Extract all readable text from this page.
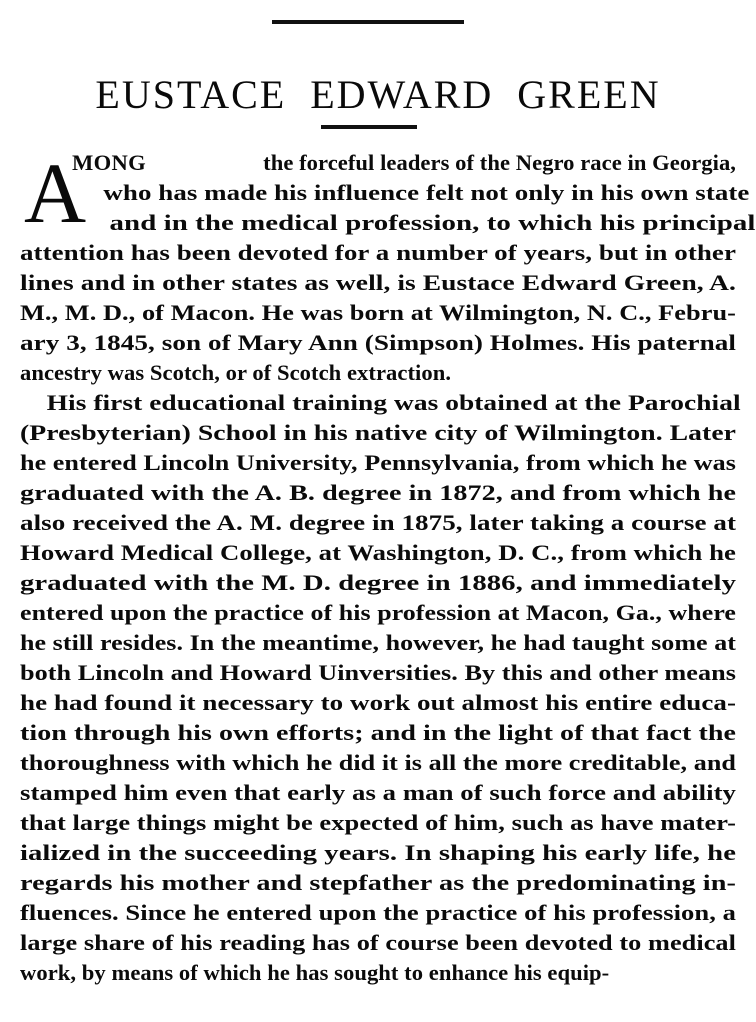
EUSTACE EDWARD GREEN
A

MONG	the forceful leaders of the Negro race in Georgia,
who has made his influence felt not only in his own state and in the medical profession, to which his principal attention has been devoted for a number of years, but in other lines and in other states as well, is Eustace Edward Green, A. M., M. D., of Macon. He was born at Wilmington, N. C., Febru- ary 3, 1845, son of Mary Ann (Simpson) Holmes. His paternal
ancestry was Scotch, or of Scotch extraction.

His first educational training was obtained at the Parochial (Presbyterian) School in his native city of Wilmington. Later he entered Lincoln University, Pennsylvania, from which he was graduated with the A. B. degree in 1872, and from which he also received the A. M. degree in 1875, later taking a course at Howard Medical College, at Washington, D. C., from which he graduated with the M. D. degree in 1886, and immediately entered upon the practice of his profession at Macon, Ga., where he still resides. In the meantime, however, he had taught some at both Lincoln and Howard Uinversities. By this and other means he had found it necessary to work out almost his entire educa- tion through his own efforts; and in the light of that fact the thoroughness with which he did it is all the more creditable, and stamped him even that early as a man of such force and ability that large things might be expected of him, such as have mater- ialized in the succeeding years. In shaping his early life, he regards his mother and stepfather as the predominating in- fluences. Since he entered upon the practice of his profession, a large share of his reading has of course been devoted to medical
work, by means of which he has sought to enhance his equip-
